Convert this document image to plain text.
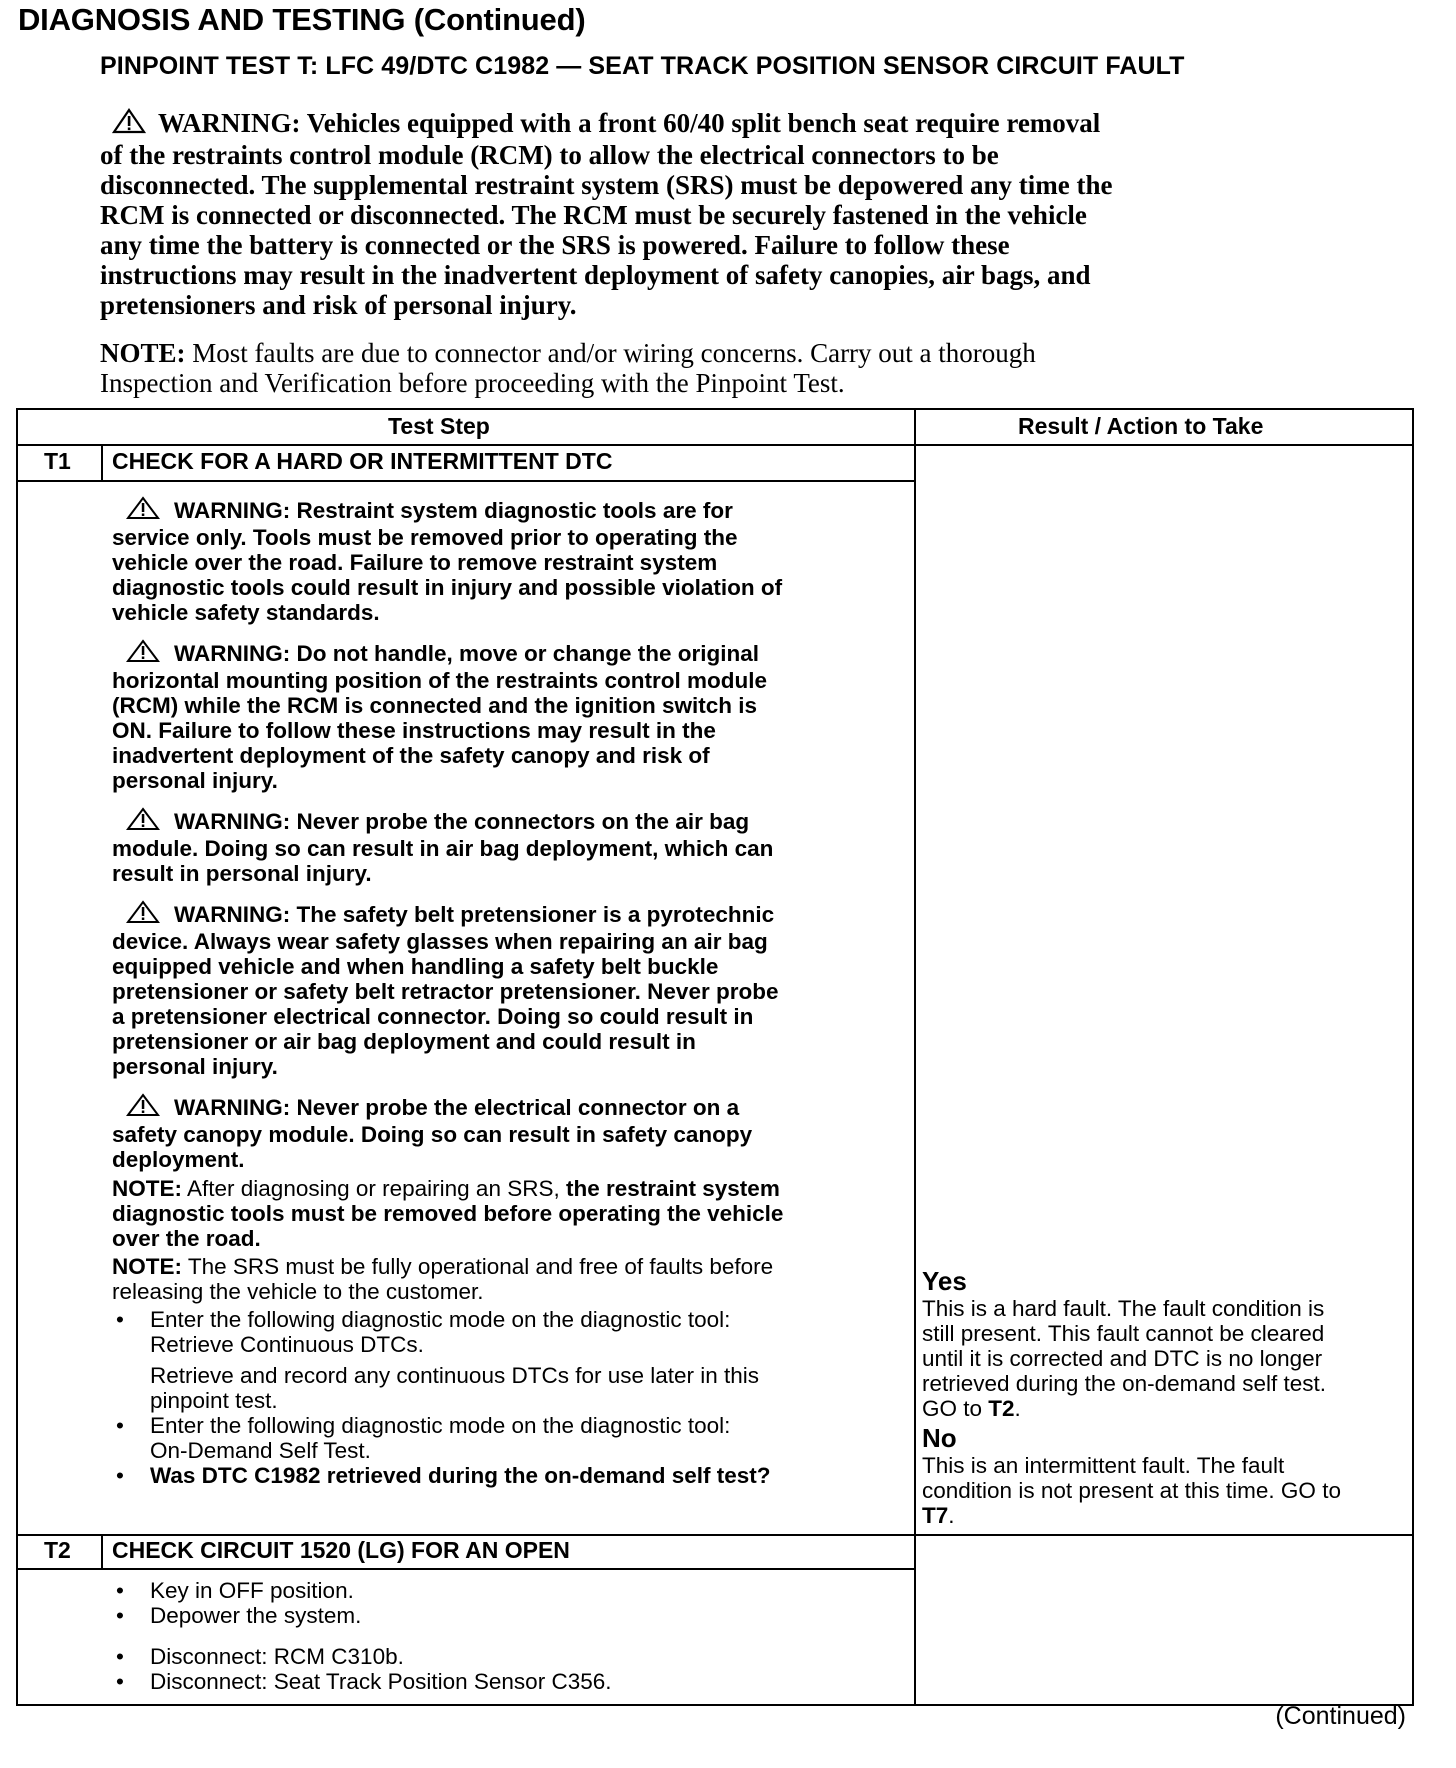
DIAGNOSIS AND TESTING (Continued)
PINPOINT TEST T: LFC 49/DTC C1982 — SEAT TRACK POSITION SENSOR CIRCUIT FAULT
WARNING: Vehicles equipped with a front 60/40 split bench seat require removal
of the restraints control module (RCM) to allow the electrical connectors to be
disconnected. The supplemental restraint system (SRS) must be depowered any time the
RCM is connected or disconnected. The RCM must be securely fastened in the vehicle
any time the battery is connected or the SRS is powered. Failure to follow these
instructions may result in the inadvertent deployment of safety canopies, air bags, and
pretensioners and risk of personal injury.
NOTE: Most faults are due to connector and/or wiring concerns. Carry out a thorough
Inspection and Verification before proceeding with the Pinpoint Test.
Test Step	Result / Action to Take
T1 CHECK FOR A HARD OR INTERMITTENT DTC
WARNING: Restraint system diagnostic tools are for
service only. Tools must be removed prior to operating the
vehicle over the road. Failure to remove restraint system
diagnostic tools could result in injury and possible violation of
vehicle safety standards.
WARNING: Do not handle, move or change the original
horizontal mounting position of the restraints control module
(RCM) while the RCM is connected and the ignition switch is
ON. Failure to follow these instructions may result in the
inadvertent deployment of the safety canopy and risk of
personal injury.
WARNING: Never probe the connectors on the air bag
module. Doing so can result in air bag deployment, which can
result in personal injury.
WARNING: The safety belt pretensioner is a pyrotechnic
device. Always wear safety glasses when repairing an air bag
equipped vehicle and when handling a safety belt buckle
pretensioner or safety belt retractor pretensioner. Never probe
a pretensioner electrical connector. Doing so could result in
pretensioner or air bag deployment and could result in
personal injury.
WARNING: Never probe the electrical connector on a
safety canopy module. Doing so can result in safety canopy
deployment.
NOTE: After diagnosing or repairing an SRS, the restraint system
diagnostic tools must be removed before operating the vehicle
over the road.
NOTE: The SRS must be fully operational and free of faults before
releasing the vehicle to the customer.
• Enter the following diagnostic mode on the diagnostic tool:
Retrieve Continuous DTCs.
Retrieve and record any continuous DTCs for use later in this
pinpoint test.
• Enter the following diagnostic mode on the diagnostic tool:
On-Demand Self Test.
• Was DTC C1982 retrieved during the on-demand self test?
Yes
This is a hard fault. The fault condition is
still present. This fault cannot be cleared
until it is corrected and DTC is no longer
retrieved during the on-demand self test.
GO to T2.
No
This is an intermittent fault. The fault
condition is not present at this time. GO to
T7.
T2 CHECK CIRCUIT 1520 (LG) FOR AN OPEN
• Key in OFF position.
• Depower the system.
• Disconnect: RCM C310b.
• Disconnect: Seat Track Position Sensor C356.
(Continued)
